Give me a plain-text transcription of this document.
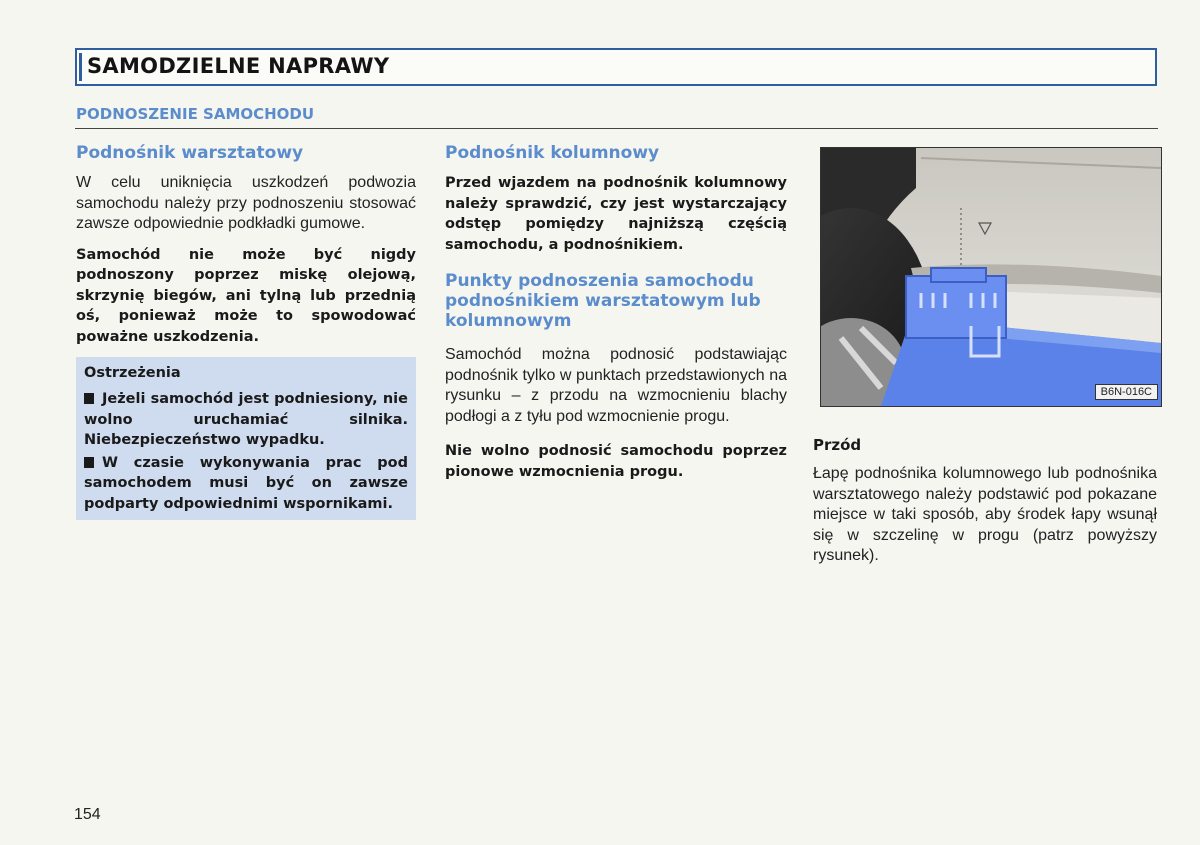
SAMODZIELNE NAPRAWY
PODNOSZENIE SAMOCHODU
Podnośnik warsztatowy

W celu uniknięcia uszkodzeń podwozia samochodu należy przy podnoszeniu stosować zawsze odpowiednie podkładki gumowe.

Samochód nie może być nigdy podnoszony poprzez miskę olejową, skrzynię biegów, ani tylną lub przednią oś, ponieważ może to spowodować poważne uszkodzenia.

Ostrzeżenia
Jeżeli samochód jest podniesiony, nie wolno uruchamiać silnika. Niebezpieczeństwo wypadku.
W czasie wykonywania prac pod samochodem musi być on zawsze podparty odpowiednimi wspornikami.
Podnośnik kolumnowy

Przed wjazdem na podnośnik kolumnowy należy sprawdzić, czy jest wystarczający odstęp pomiędzy najniższą częścią samochodu, a podnośnikiem.

Punkty podnoszenia samochodu podnośnikiem warsztatowym lub kolumnowym

Samochód można podnosić podstawiając podnośnik tylko w punktach przedstawionych na rysunku – z przodu na wzmocnieniu blachy podłogi a z tyłu pod wzmocnienie progu.

Nie wolno podnosić samochodu poprzez pionowe wzmocnienia progu.

B6N-016C
Przód
Łapę podnośnika kolumnowego lub podnośnika warsztatowego należy podstawić pod pokazane miejsce w taki sposób, aby środek łapy wsunął się w szczelinę w progu (patrz powyższy rysunek).
154
